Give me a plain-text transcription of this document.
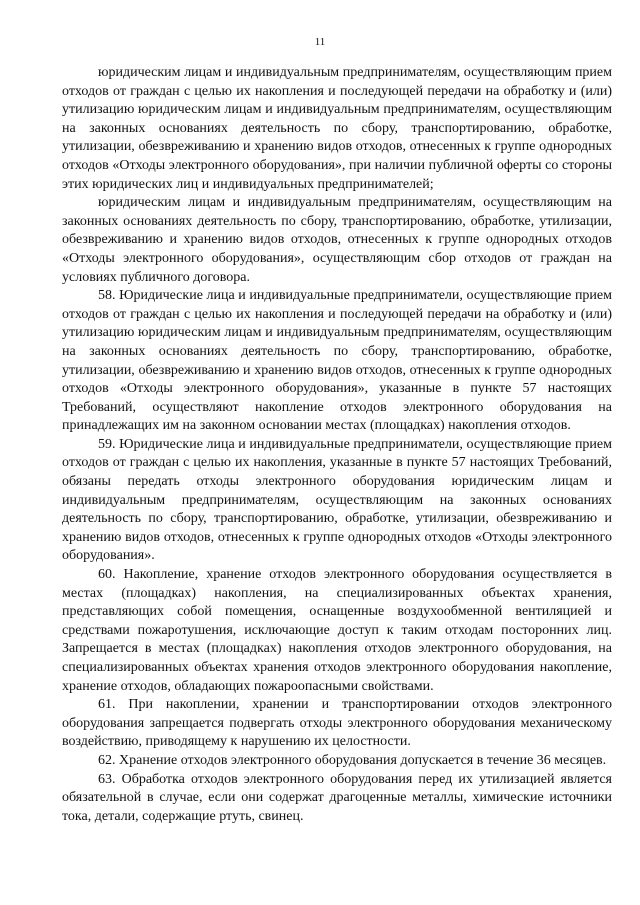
11

юридическим лицам и индивидуальным предпринимателям, осуществляющим прием отходов от граждан с целью их накопления и последующей передачи на обработку и (или) утилизацию юридическим лицам и индивидуальным предпринимателям, осуществляющим на законных основаниях деятельность по сбору, транспортированию, обработке, утилизации, обезвреживанию и хранению видов отходов, отнесенных к группе однородных отходов «Отходы электронного оборудования», при наличии публичной оферты со стороны этих юридических лиц и индивидуальных предпринимателей;

юридическим лицам и индивидуальным предпринимателям, осуществляющим на законных основаниях деятельность по сбору, транспортированию, обработке, утилизации, обезвреживанию и хранению видов отходов, отнесенных к группе однородных отходов «Отходы электронного оборудования», осуществляющим сбор отходов от граждан на условиях публичного договора.

58. Юридические лица и индивидуальные предприниматели, осуществляющие прием отходов от граждан с целью их накопления и последующей передачи на обработку и (или) утилизацию юридическим лицам и индивидуальным предпринимателям, осуществляющим на законных основаниях деятельность по сбору, транспортированию, обработке, утилизации, обезвреживанию и хранению видов отходов, отнесенных к группе однородных отходов «Отходы электронного оборудования», указанные в пункте 57 настоящих Требований, осуществляют накопление отходов электронного оборудования на принадлежащих им на законном основании местах (площадках) накопления отходов.

59. Юридические лица и индивидуальные предприниматели, осуществляющие прием отходов от граждан с целью их накопления, указанные в пункте 57 настоящих Требований, обязаны передать отходы электронного оборудования юридическим лицам и индивидуальным предпринимателям, осуществляющим на законных основаниях деятельность по сбору, транспортированию, обработке, утилизации, обезвреживанию и хранению видов отходов, отнесенных к группе однородных отходов «Отходы электронного оборудования».

60. Накопление, хранение отходов электронного оборудования осуществляется в местах (площадках) накопления, на специализированных объектах хранения, представляющих собой помещения, оснащенные воздухообменной вентиляцией и средствами пожаротушения, исключающие доступ к таким отходам посторонних лиц. Запрещается в местах (площадках) накопления отходов электронного оборудования, на специализированных объектах хранения отходов электронного оборудования накопление, хранение отходов, обладающих пожароопасными свойствами.

61. При накоплении, хранении и транспортировании отходов электронного оборудования запрещается подвергать отходы электронного оборудования механическому воздействию, приводящему к нарушению их целостности.

62. Хранение отходов электронного оборудования допускается в течение 36 месяцев.

63. Обработка отходов электронного оборудования перед их утилизацией является обязательной в случае, если они содержат драгоценные металлы, химические источники тока, детали, содержащие ртуть, свинец.
